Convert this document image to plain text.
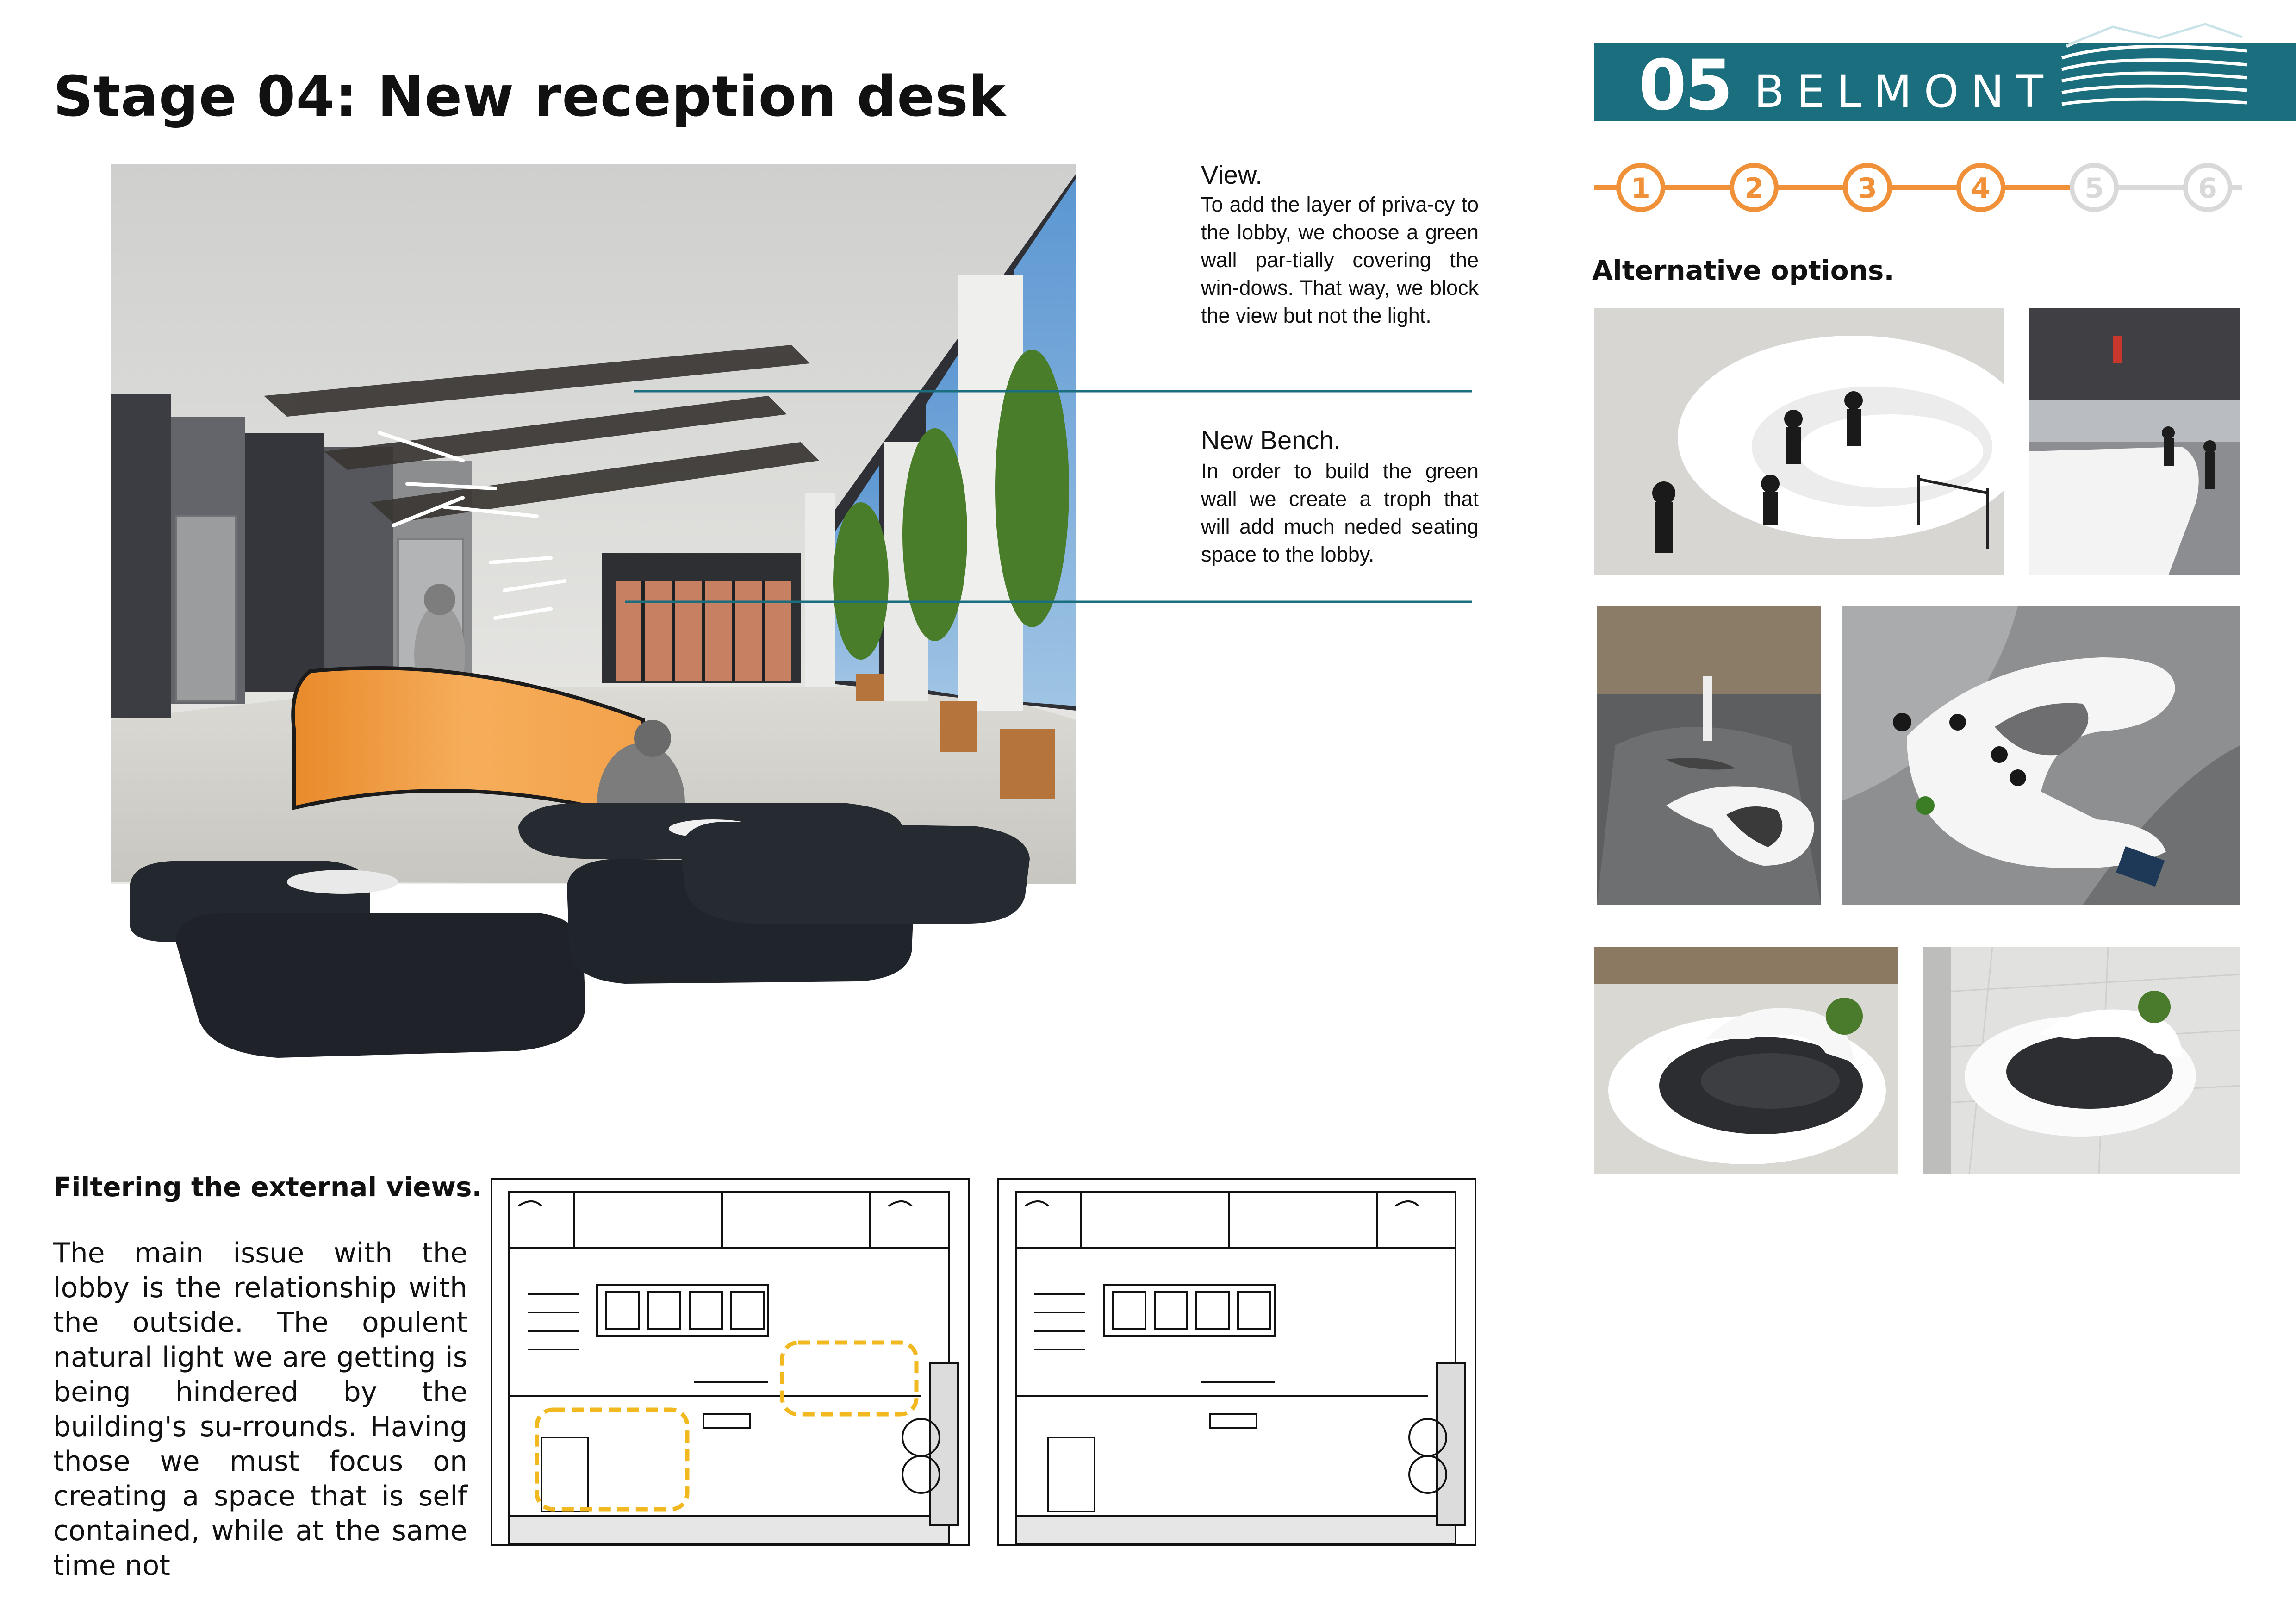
Stage 04: New reception desk	05 BELMONT
1	2	3	4	5	6
View.
To add the layer of priva-cy to the lobby, we choose a green wall par-tially covering the win-dows. That way, we block the view but not the light.
New Bench.
In order to build the green wall we create a troph that will add much neded seating space to the lobby.
Alternative options.
Filtering the external views.
The main issue with the lobby is the relationship with the outside. The opulent natural light we are getting is being hindered by the building's su-rrounds. Having those we must focus on creating a space that is self contained, while at the same time not
